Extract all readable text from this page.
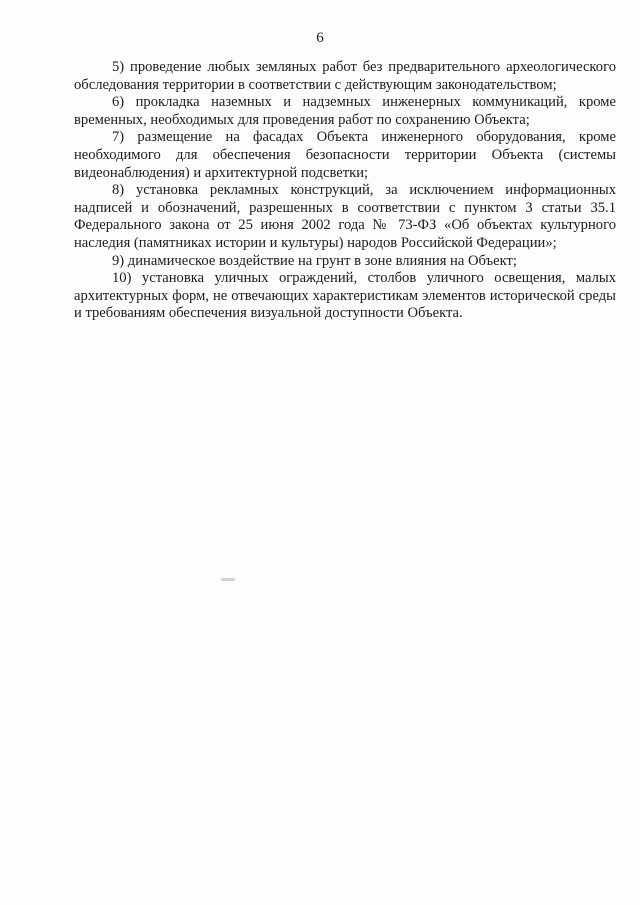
6

5) проведение любых земляных работ без предварительного археологического обследования территории в соответствии с действующим законодательством;

6) прокладка наземных и надземных инженерных коммуникаций, кроме временных, необходимых для проведения работ по сохранению Объекта;

7) размещение на фасадах Объекта инженерного оборудования, кроме необходимого для обеспечения безопасности территории Объекта (системы видеонаблюдения) и архитектурной подсветки;

8) установка рекламных конструкций, за исключением информационных надписей и обозначений, разрешенных в соответствии с пунктом 3 статьи 35.1 Федерального закона от 25 июня 2002 года № 73-ФЗ «Об объектах культурного наследия (памятниках истории и культуры) народов Российской Федерации»;

9) динамическое воздействие на грунт в зоне влияния на Объект;

10) установка уличных ограждений, столбов уличного освещения, малых архитектурных форм, не отвечающих характеристикам элементов исторической среды и требованиям обеспечения визуальной доступности Объекта.
